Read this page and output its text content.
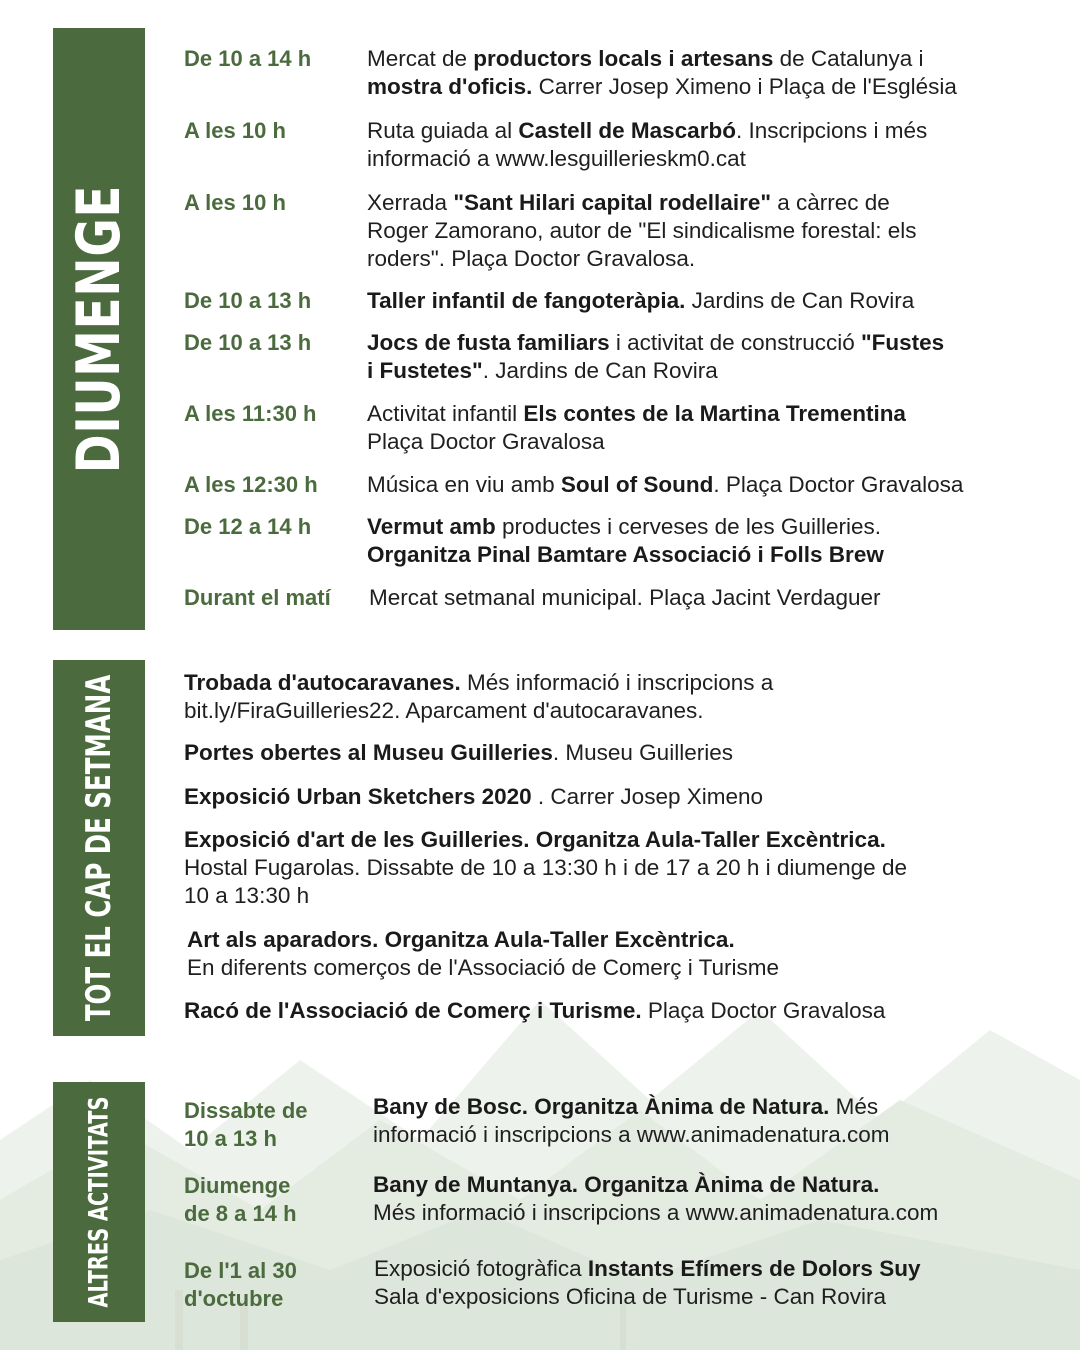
DIUMENGE
TOT EL CAP DE SETMANA
ALTRES ACTIVITATS
De 10 a 14 h Mercat de productors locals i artesans de Catalunya i
mostra d'oficis. Carrer Josep Ximeno i Plaça de l'Església
A les 10 h	Ruta guiada al Castell de Mascarbó. Inscripcions i més
informació a www.lesguillerieskm0.cat
A les 10 h	Xerrada "Sant Hilari capital rodellaire" a càrrec de
Roger Zamorano, autor de "El sindicalisme forestal: els
roders". Plaça Doctor Gravalosa.
De 10 a 13 h Taller infantil de fangoteràpia. Jardins de Can Rovira
De 10 a 13 h Jocs de fusta familiars i activitat de construcció "Fustes
i Fustetes". Jardins de Can Rovira
A les 11:30 h Activitat infantil Els contes de la Martina Trementina
Plaça Doctor Gravalosa
A les 12:30 h Música en viu amb Soul of Sound. Plaça Doctor Gravalosa
De 12 a 14 h Vermut amb productes i cerveses de les Guilleries.
Organitza Pinal Bamtare Associació i Folls Brew
Durant el matí Mercat setmanal municipal. Plaça Jacint Verdaguer
Trobada d'autocaravanes. Més informació i inscripcions a
bit.ly/FiraGuilleries22. Aparcament d'autocaravanes.
Portes obertes al Museu Guilleries. Museu Guilleries
Exposició Urban Sketchers 2020 . Carrer Josep Ximeno
Exposició d'art de les Guilleries. Organitza Aula-Taller Excèntrica.
Hostal Fugarolas. Dissabte de 10 a 13:30 h i de 17 a 20 h i diumenge de
10 a 13:30 h
Art als aparadors. Organitza Aula-Taller Excèntrica.
En diferents comerços de l'Associació de Comerç i Turisme
Racó de l'Associació de Comerç i Turisme. Plaça Doctor Gravalosa
Dissabte de
10 a 13 h
Bany de Bosc. Organitza Ànima de Natura. Més
informació i inscripcions a www.animadenatura.com
Diumenge
de 8 a 14 h
Bany de Muntanya. Organitza Ànima de Natura.
Més informació i inscripcions a www.animadenatura.com
De l'1 al 30
d'octubre
Exposició fotogràfica Instants Efímers de Dolors Suy
Sala d'exposicions Oficina de Turisme - Can Rovira
